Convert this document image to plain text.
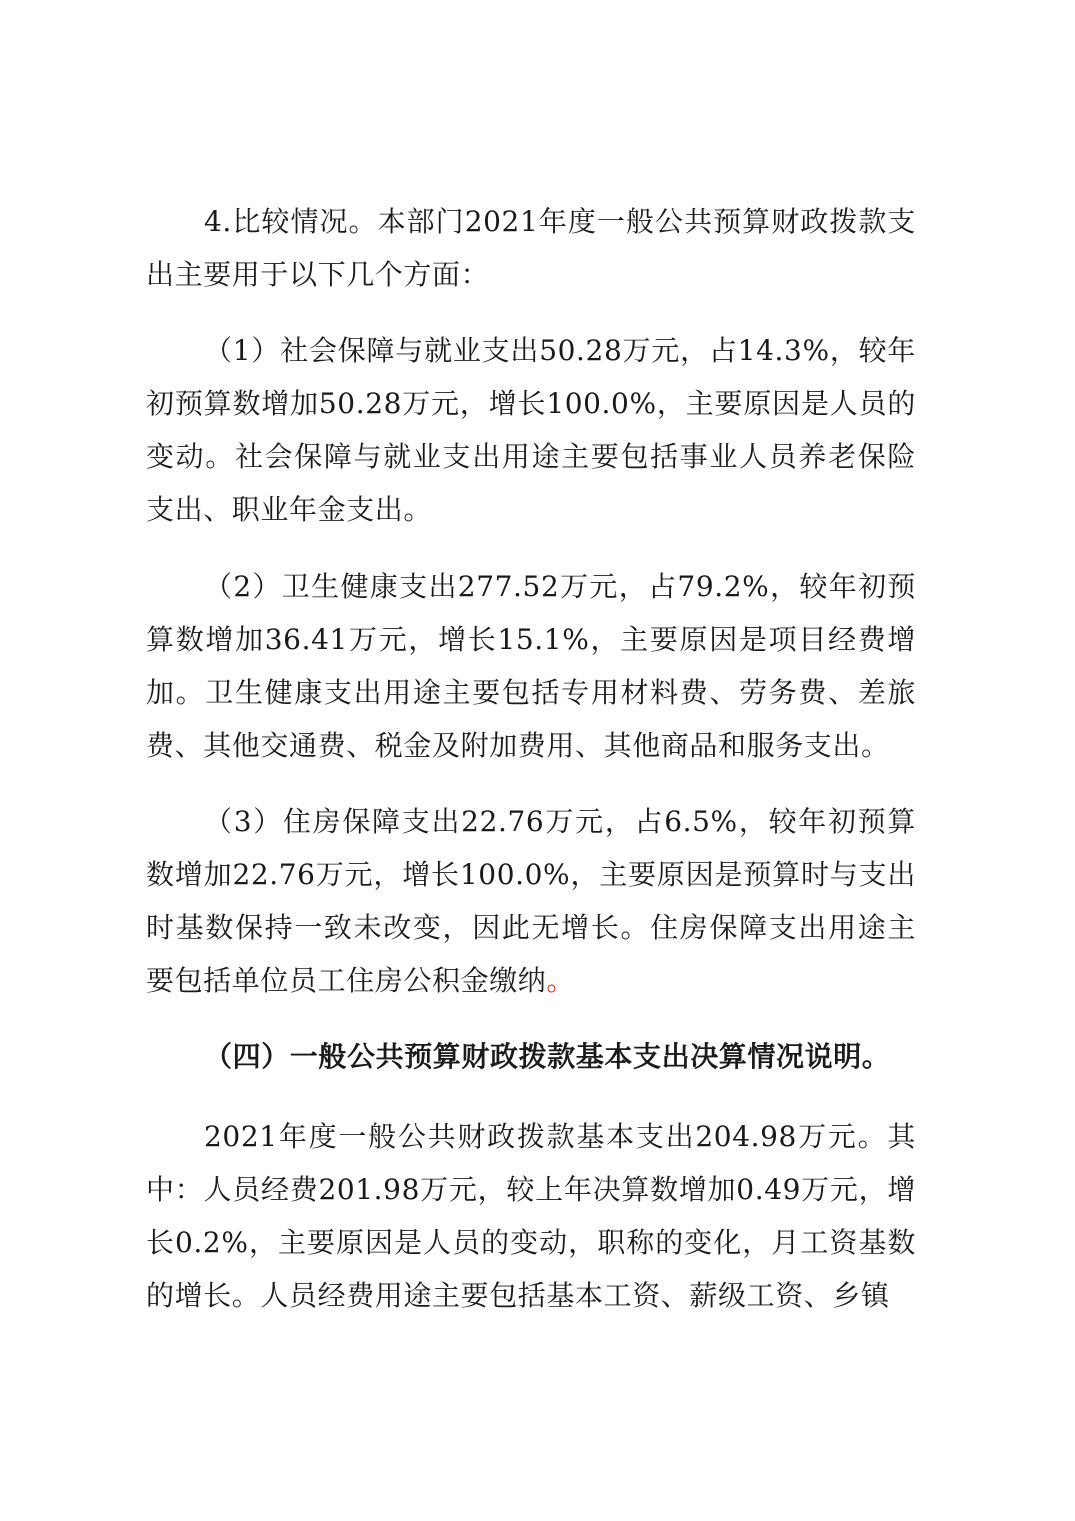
4.比较情况。本部门2021年度一般公共预算财政拨款支出主要用于以下几个方面：

（1）社会保障与就业支出50.28万元，占14.3%，较年初预算数增加50.28万元，增长100.0%，主要原因是人员的变动。社会保障与就业支出用途主要包括事业人员养老保险支出、职业年金支出。

（2）卫生健康支出277.52万元，占79.2%，较年初预算数增加36.41万元，增长15.1%，主要原因是项目经费增加。卫生健康支出用途主要包括专用材料费、劳务费、差旅费、其他交通费、税金及附加费用、其他商品和服务支出。

（3）住房保障支出22.76万元，占6.5%，较年初预算数增加22.76万元，增长100.0%，主要原因是预算时与支出时基数保持一致未改变，因此无增长。住房保障支出用途主要包括单位员工住房公积金缴纳。

（四）一般公共预算财政拨款基本支出决算情况说明。

2021年度一般公共财政拨款基本支出204.98万元。其中：人员经费201.98万元，较上年决算数增加0.49万元，增长0.2%，主要原因是人员的变动，职称的变化，月工资基数的增长。人员经费用途主要包括基本工资、薪级工资、乡镇
